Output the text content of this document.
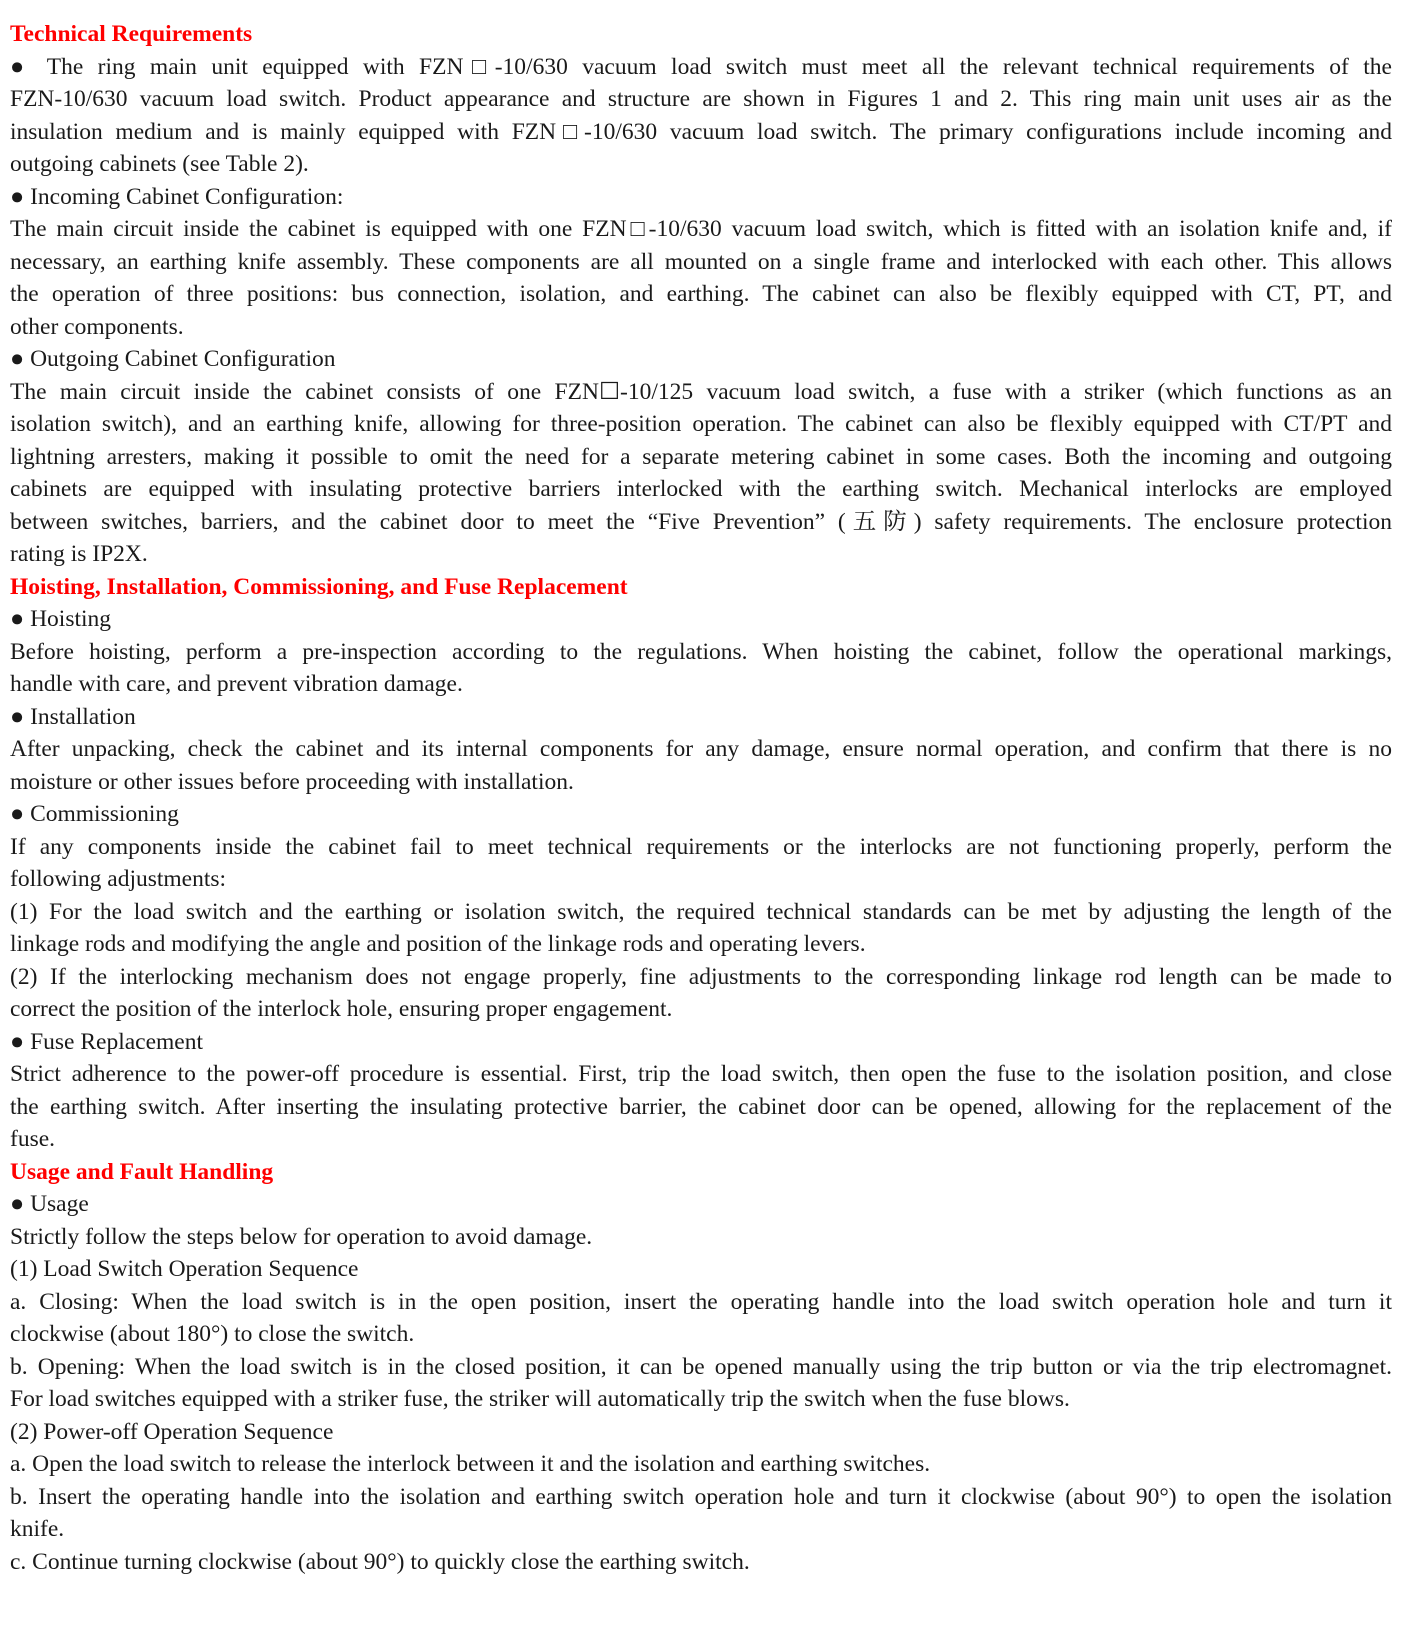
Technical Requirements

● The ring main unit equipped with FZN□-10/630 vacuum load switch must meet all the relevant technical requirements of the

FZN-10/630 vacuum load switch. Product appearance and structure are shown in Figures 1 and 2. This ring main unit uses air as the

insulation medium and is mainly equipped with FZN□-10/630 vacuum load switch. The primary configurations include incoming and

outgoing cabinets (see Table 2).

● Incoming Cabinet Configuration:

The main circuit inside the cabinet is equipped with one FZN□-10/630 vacuum load switch, which is fitted with an isolation knife and, if

necessary, an earthing knife assembly. These components are all mounted on a single frame and interlocked with each other. This allows

the operation of three positions: bus connection, isolation, and earthing. The cabinet can also be flexibly equipped with CT, PT, and

other components.

● Outgoing Cabinet Configuration

The main circuit inside the cabinet consists of one FZN☐-10/125 vacuum load switch, a fuse with a striker (which functions as an

isolation switch), and an earthing knife, allowing for three-position operation. The cabinet can also be flexibly equipped with CT/PT and

lightning arresters, making it possible to omit the need for a separate metering cabinet in some cases. Both the incoming and outgoing

cabinets are equipped with insulating protective barriers interlocked with the earthing switch. Mechanical interlocks are employed

between switches, barriers, and the cabinet door to meet the “Five Prevention” (五防) safety requirements. The enclosure protection

rating is IP2X.

Hoisting, Installation, Commissioning, and Fuse Replacement

● Hoisting

Before hoisting, perform a pre-inspection according to the regulations. When hoisting the cabinet, follow the operational markings,

handle with care, and prevent vibration damage.

● Installation

After unpacking, check the cabinet and its internal components for any damage, ensure normal operation, and confirm that there is no

moisture or other issues before proceeding with installation.

● Commissioning

If any components inside the cabinet fail to meet technical requirements or the interlocks are not functioning properly, perform the

following adjustments:

(1) For the load switch and the earthing or isolation switch, the required technical standards can be met by adjusting the length of the

linkage rods and modifying the angle and position of the linkage rods and operating levers.

(2) If the interlocking mechanism does not engage properly, fine adjustments to the corresponding linkage rod length can be made to

correct the position of the interlock hole, ensuring proper engagement.

● Fuse Replacement

Strict adherence to the power-off procedure is essential. First, trip the load switch, then open the fuse to the isolation position, and close

the earthing switch. After inserting the insulating protective barrier, the cabinet door can be opened, allowing for the replacement of the

fuse.

Usage and Fault Handling

● Usage

Strictly follow the steps below for operation to avoid damage.

(1) Load Switch Operation Sequence

a. Closing: When the load switch is in the open position, insert the operating handle into the load switch operation hole and turn it

clockwise (about 180°) to close the switch.

b. Opening: When the load switch is in the closed position, it can be opened manually using the trip button or via the trip electromagnet.

For load switches equipped with a striker fuse, the striker will automatically trip the switch when the fuse blows.

(2) Power-off Operation Sequence

a. Open the load switch to release the interlock between it and the isolation and earthing switches.

b. Insert the operating handle into the isolation and earthing switch operation hole and turn it clockwise (about 90°) to open the isolation

knife.

c. Continue turning clockwise (about 90°) to quickly close the earthing switch.
